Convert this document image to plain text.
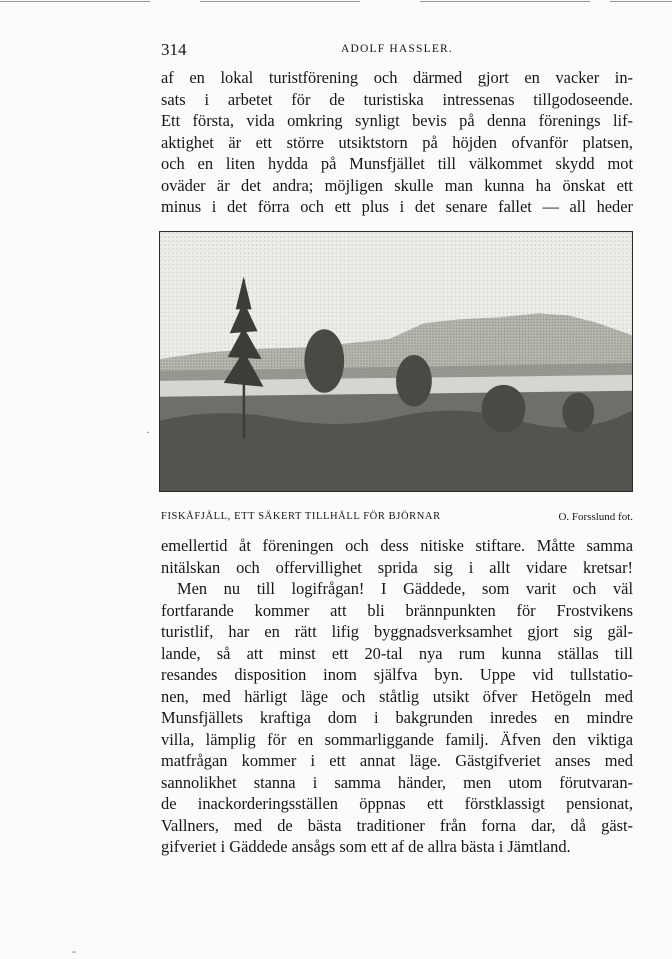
314	ADOLF HASSLER.
af en lokal turistförening och därmed gjort en vacker in-
sats i arbetet för de turistiska intressenas tillgodoseende.
Ett första, vida omkring synligt bevis på denna förenings lif-
aktighet är ett större utsiktstorn på höjden ofvanför platsen,
och en liten hydda på Munsfjället till välkommet skydd mot
oväder är det andra; möjligen skulle man kunna ha önskat ett
minus i det förra och ett plus i det senare fallet — all heder
FISKÅFJÄLL, ETT SÄKERT TILLHÅLL FÖR BJÖRNAR	O. Forsslund fot.
emellertid åt föreningen och dess nitiske stiftare. Måtte samma
nitälskan och offervillighet sprida sig i allt vidare kretsar!
Men nu till logifrågan! I Gäddede, som varit och väl
fortfarande kommer att bli brännpunkten för Frostvikens
turistlif, har en rätt lifig byggnadsverksamhet gjort sig gäl-
lande, så att minst ett 20-tal nya rum kunna ställas till
resandes disposition inom själfva byn. Uppe vid tullstatio-
nen, med härligt läge och ståtlig utsikt öfver Hetögeln med
Munsfjällets kraftiga dom i bakgrunden inredes en mindre
villa, lämplig för en sommarliggande familj. Äfven den viktiga
matfrågan kommer i ett annat läge. Gästgifveriet anses med
sannolikhet stanna i samma händer, men utom förutvaran-
de inackorderingsställen öppnas ett förstklassigt pensionat,
Vallners, med de bästa traditioner från forna dar, då gäst-
gifveriet i Gäddede ansågs som ett af de allra bästa i Jämtland.
·
-
